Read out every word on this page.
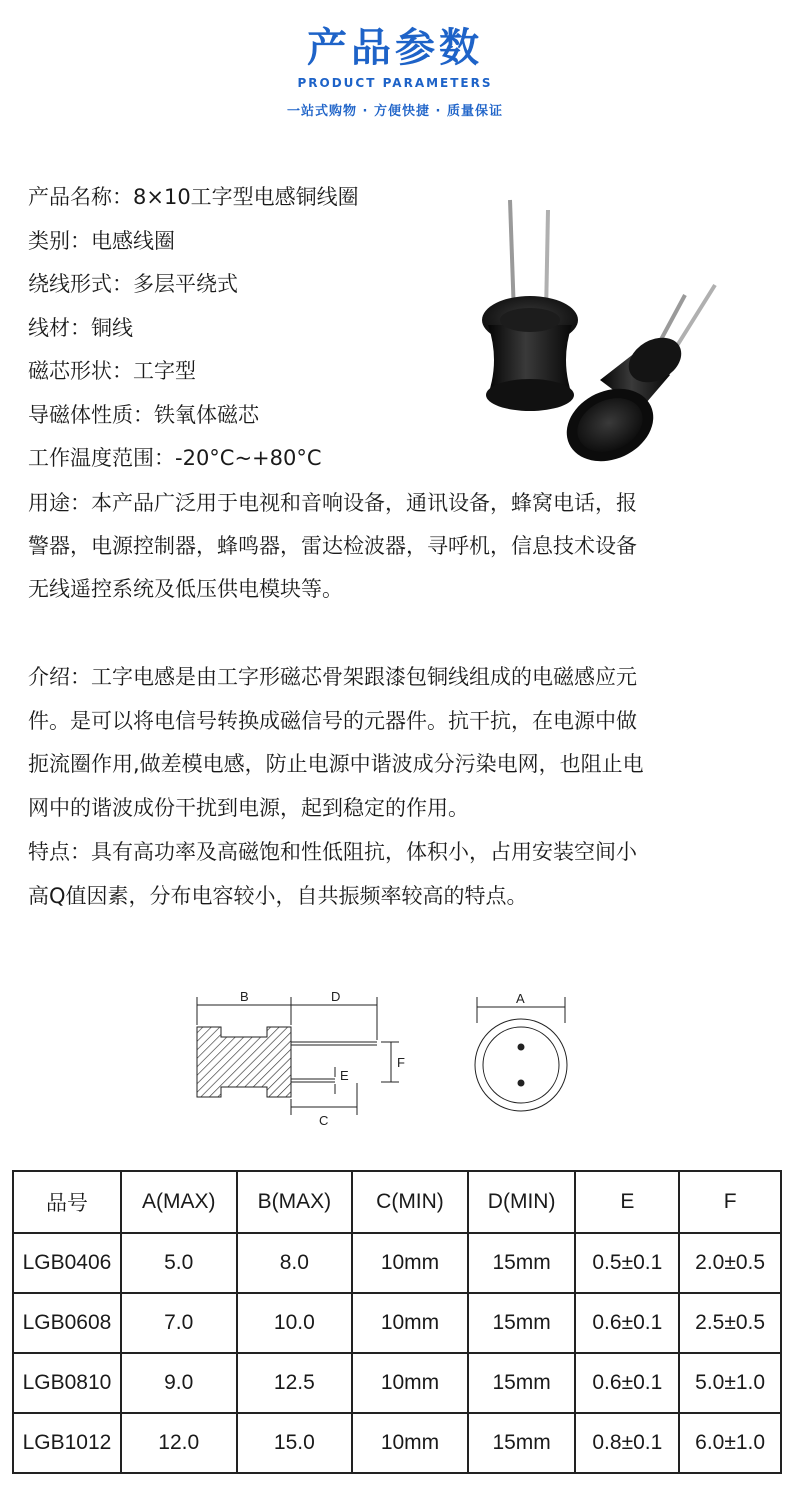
产品参数
PRODUCT PARAMETERS
一站式购物 · 方便快捷 · 质量保证
产品名称：8×10工字型电感铜线圈
类别：电感线圈
绕线形式：多层平绕式
线材：铜线
磁芯形状：工字型
导磁体性质：铁氧体磁芯
工作温度范围：-20°C~+80°C
用途：本产品广泛用于电视和音响设备，通讯设备，蜂窝电话，报
警器，电源控制器，蜂鸣器，雷达检波器，寻呼机，信息技术设备
无线遥控系统及低压供电模块等。
介绍：工字电感是由工字形磁芯骨架跟漆包铜线组成的电磁感应元
件。是可以将电信号转换成磁信号的元器件。抗干抗，在电源中做
扼流圈作用,做差模电感，防止电源中谐波成分污染电网，也阻止电
网中的谐波成份干扰到电源，起到稳定的作用。
特点：具有高功率及高磁饱和性低阻抗，体积小，占用安装空间小
高Q值因素，分布电容较小，自共振频率较高的特点。
B	D
F
E
C
A
品号	A(MAX)	B(MAX)	C(MIN)	D(MIN)	E	F
LGB0406	5.0	8.0	10mm	15mm	0.5±0.1	2.0±0.5
LGB0608	7.0	10.0	10mm	15mm	0.6±0.1	2.5±0.5
LGB0810	9.0	12.5	10mm	15mm	0.6±0.1	5.0±1.0
LGB1012	12.0	15.0	10mm	15mm	0.8±0.1	6.0±1.0
